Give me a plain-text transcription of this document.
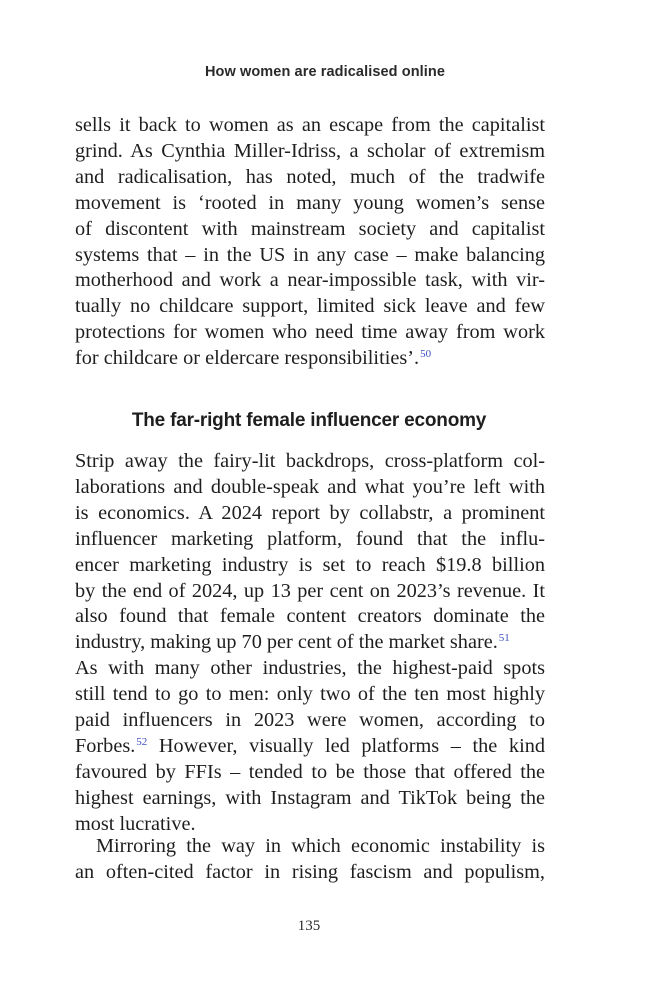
How women are radicalised online
sells it back to women as an escape from the capitalist
grind. As Cynthia Miller-Idriss, a scholar of extremism
and radicalisation, has noted, much of the tradwife
movement is ‘rooted in many young women’s sense
of discontent with mainstream society and capitalist
systems that – in the US in any case – make balancing
motherhood and work a near-impossible task, with vir-
tually no childcare support, limited sick leave and few
protections for women who need time away from work
for childcare or eldercare responsibilities’.$^{50}$
The far-right female influencer economy
Strip away the fairy-lit backdrops, cross-platform col-
laborations and double-speak and what you’re left with
is economics. A 2024 report by collabstr, a prominent
influencer marketing platform, found that the influ-
encer marketing industry is set to reach $19.8 billion
by the end of 2024, up 13 per cent on 2023’s revenue. It
also found that female content creators dominate the
industry, making up 70 per cent of the market share.$^{51}$
As with many other industries, the highest-paid spots
still tend to go to men: only two of the ten most highly
paid influencers in 2023 were women, according to
Forbes.$^{52}$ However, visually led platforms – the kind
favoured by FFIs – tended to be those that offered the
highest earnings, with Instagram and TikTok being the
most lucrative.
Mirroring the way in which economic instability is
an often-cited factor in rising fascism and populism,
135
